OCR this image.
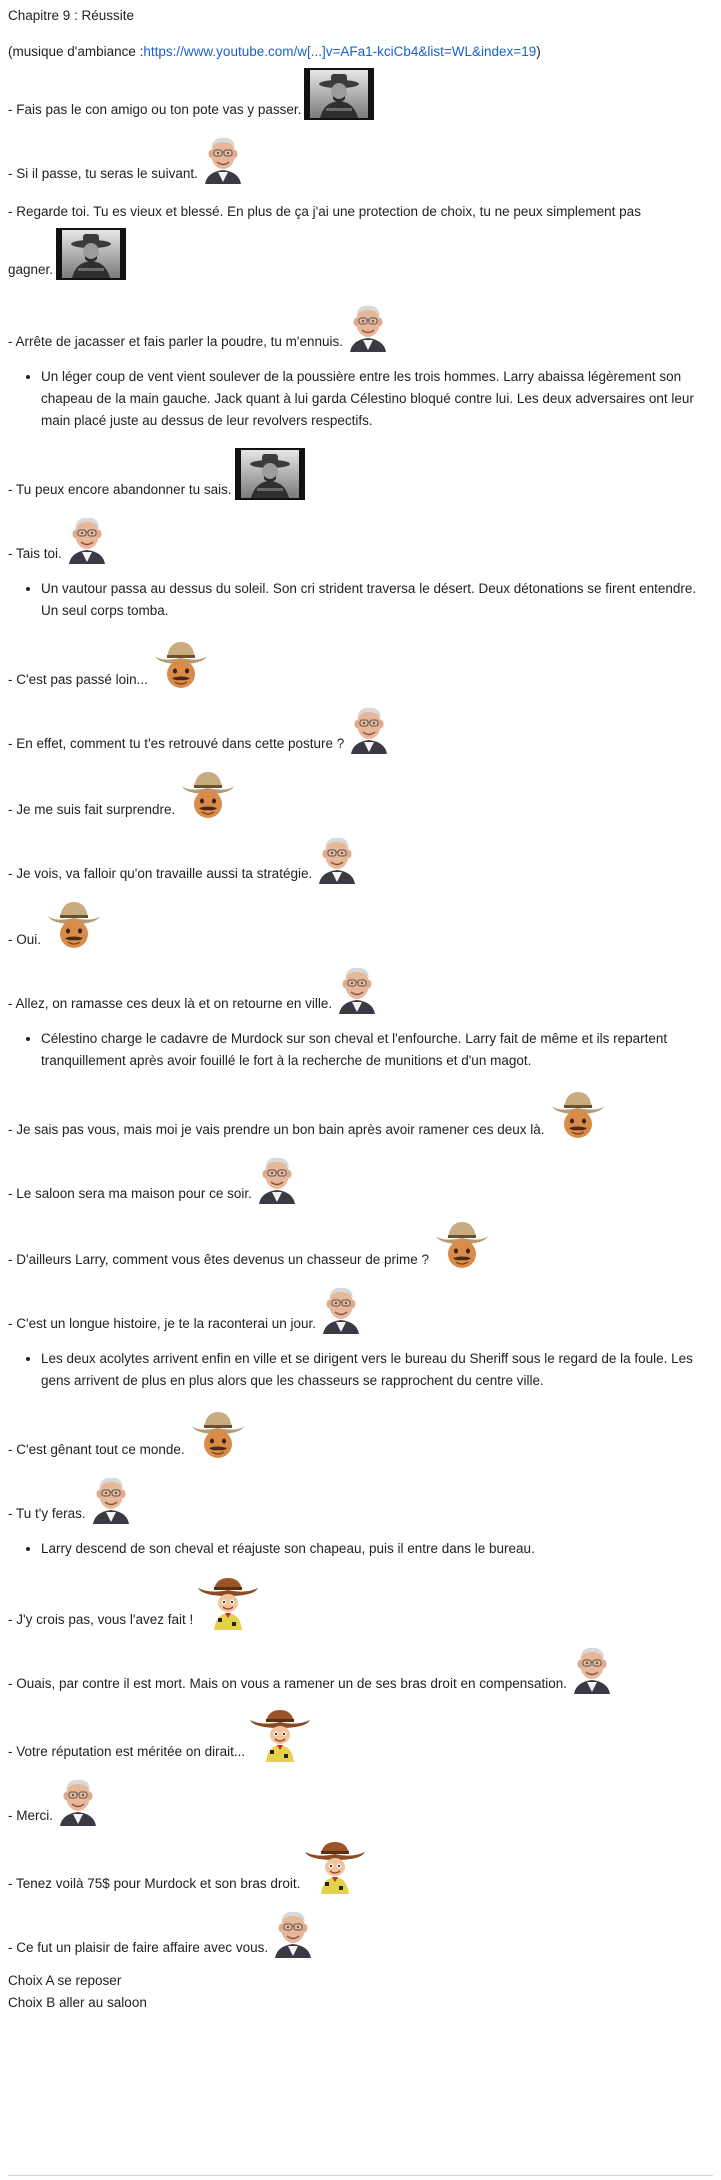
Chapitre 9 : Réussite
(musique d'ambiance : https://www.youtube.com/w[...]v=AFa1-kciCb4&list=WL&index=19 )
- Fais pas le con amigo ou ton pote vas y passer.
- Si il passe, tu seras le suivant.
- Regarde toi. Tu es vieux et blessé. En plus de ça j'ai une protection de choix, tu ne peux simplement pas
gagner.
- Arrête de jacasser et fais parler la poudre, tu m'ennuis.
• Un léger coup de vent vient soulever de la poussière entre les trois hommes. Larry abaissa légèrement son chapeau de la main gauche. Jack quant à lui garda Célestino bloqué contre lui. Les deux adversaires ont leur main placé juste au dessus de leur revolvers respectifs.
- Tu peux encore abandonner tu sais.
- Tais toi.
• Un vautour passa au dessus du soleil. Son cri strident traversa le désert. Deux détonations se firent entendre. Un seul corps tomba.
- C'est pas passé loin...
- En effet, comment tu t'es retrouvé dans cette posture ?
- Je me suis fait surprendre.
- Je vois, va falloir qu'on travaille aussi ta stratégie.
- Oui.
- Allez, on ramasse ces deux là et on retourne en ville.
• Célestino charge le cadavre de Murdock sur son cheval et l'enfourche. Larry fait de même et ils repartent tranquillement après avoir fouillé le fort à la recherche de munitions et d'un magot.
- Je sais pas vous, mais moi je vais prendre un bon bain après avoir ramener ces deux là.
- Le saloon sera ma maison pour ce soir.
- D'ailleurs Larry, comment vous êtes devenus un chasseur de prime ?
- C'est un longue histoire, je te la raconterai un jour.
• Les deux acolytes arrivent enfin en ville et se dirigent vers le bureau du Sheriff sous le regard de la foule. Les gens arrivent de plus en plus alors que les chasseurs se rapprochent du centre ville.
- C'est gênant tout ce monde.
- Tu t'y feras.
• Larry descend de son cheval et réajuste son chapeau, puis il entre dans le bureau.
- J'y crois pas, vous l'avez fait !
- Ouais, par contre il est mort. Mais on vous a ramener un de ses bras droit en compensation.
- Votre réputation est méritée on dirait...
- Merci.
- Tenez voilà 75$ pour Murdock et son bras droit.
- Ce fut un plaisir de faire affaire avec vous.
Choix A se reposer
Choix B aller au saloon
